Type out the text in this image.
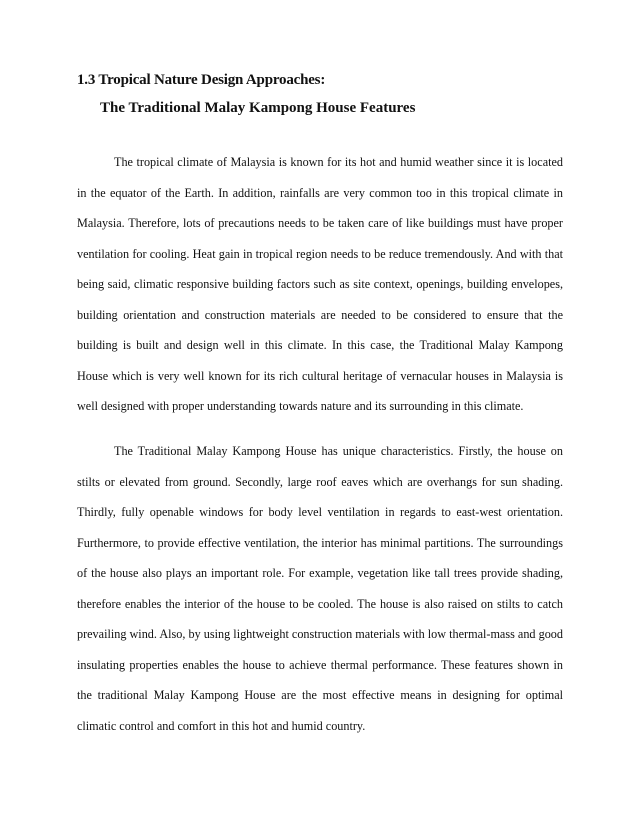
1.3 Tropical Nature Design Approaches:
The Traditional Malay Kampong House Features

The tropical climate of Malaysia is known for its hot and humid weather since it is located in the equator of the Earth. In addition, rainfalls are very common too in this tropical climate in Malaysia. Therefore, lots of precautions needs to be taken care of like buildings must have proper ventilation for cooling. Heat gain in tropical region needs to be reduce tremendously. And with that being said, climatic responsive building factors such as site context, openings, building envelopes, building orientation and construction materials are needed to be considered to ensure that the building is built and design well in this climate. In this case, the Traditional Malay Kampong House which is very well known for its rich cultural heritage of vernacular houses in Malaysia is well designed with proper understanding towards nature and its surrounding in this climate.

The Traditional Malay Kampong House has unique characteristics. Firstly, the house on stilts or elevated from ground. Secondly, large roof eaves which are overhangs for sun shading. Thirdly, fully openable windows for body level ventilation in regards to east-west orientation. Furthermore, to provide effective ventilation, the interior has minimal partitions. The surroundings of the house also plays an important role. For example, vegetation like tall trees provide shading, therefore enables the interior of the house to be cooled. The house is also raised on stilts to catch prevailing wind. Also, by using lightweight construction materials with low thermal-mass and good insulating properties enables the house to achieve thermal performance. These features shown in the traditional Malay Kampong House are the most effective means in designing for optimal climatic control and comfort in this hot and humid country.
